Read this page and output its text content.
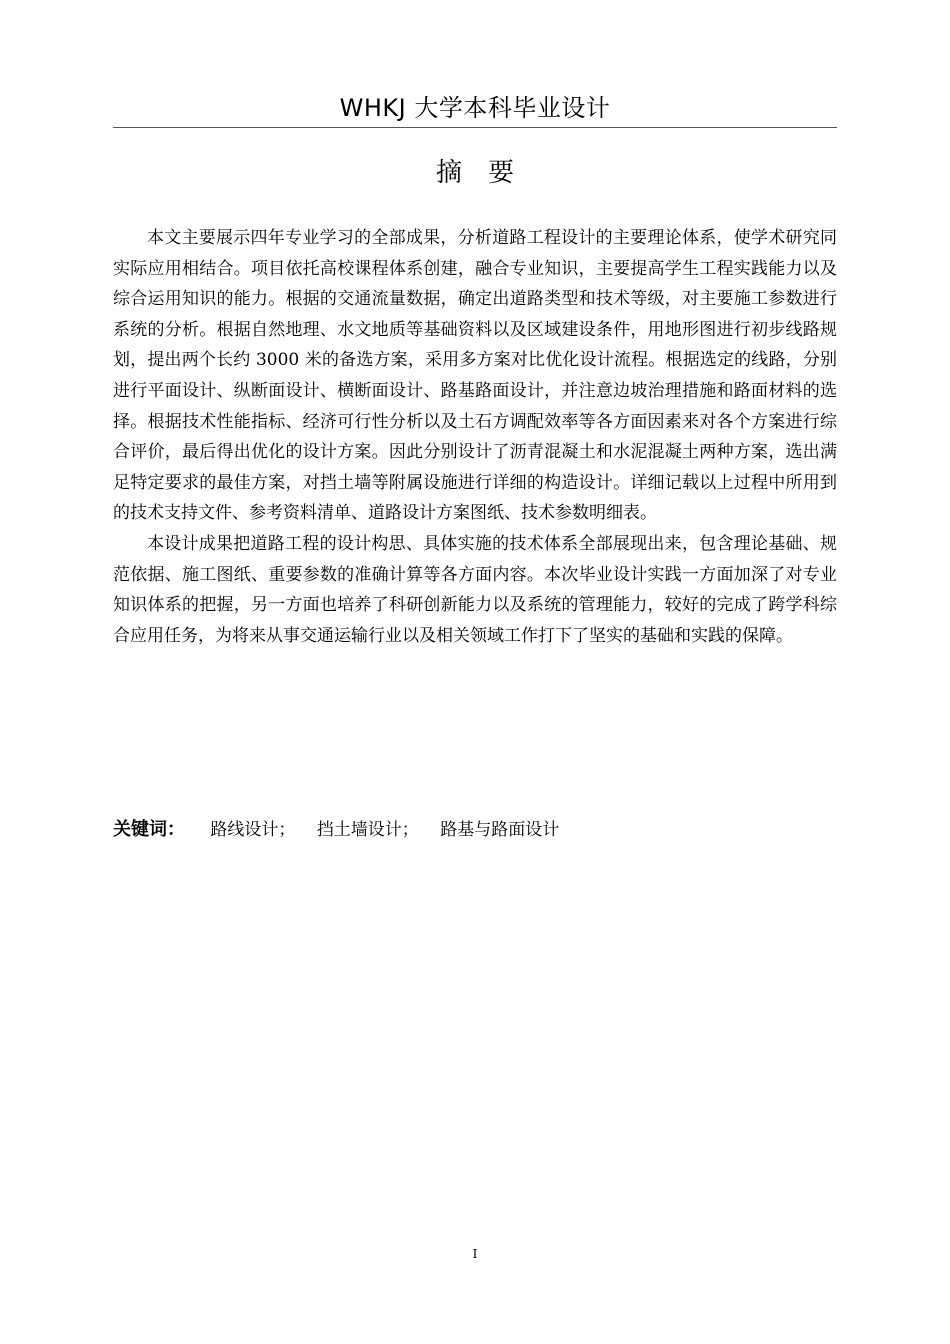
WHKJ 大学本科毕业设计
摘要

本文主要展示四年专业学习的全部成果，分析道路工程设计的主要理论体系，使学术研究同实际应用相结合。项目依托高校课程体系创建，融合专业知识，主要提高学生工程实践能力以及综合运用知识的能力。根据的交通流量数据，确定出道路类型和技术等级，对主要施工参数进行系统的分析。根据自然地理、水文地质等基础资料以及区域建设条件，用地形图进行初步线路规划，提出两个长约 3000 米的备选方案，采用多方案对比优化设计流程。根据选定的线路，分别进行平面设计、纵断面设计、横断面设计、路基路面设计，并注意边坡治理措施和路面材料的选择。根据技术性能指标、经济可行性分析以及土石方调配效率等各方面因素来对各个方案进行综合评价，最后得出优化的设计方案。因此分别设计了沥青混凝土和水泥混凝土两种方案，选出满足特定要求的最佳方案，对挡土墙等附属设施进行详细的构造设计。详细记载以上过程中所用到的技术支持文件、参考资料清单、道路设计方案图纸、技术参数明细表。

本设计成果把道路工程的设计构思、具体实施的技术体系全部展现出来，包含理论基础、规范依据、施工图纸、重要参数的准确计算等各方面内容。本次毕业设计实践一方面加深了对专业知识体系的把握，另一方面也培养了科研创新能力以及系统的管理能力，较好的完成了跨学科综合应用任务，为将来从事交通运输行业以及相关领域工作打下了坚实的基础和实践的保障。

关键词： 路线设计； 挡土墙设计； 路基与路面设计
I
